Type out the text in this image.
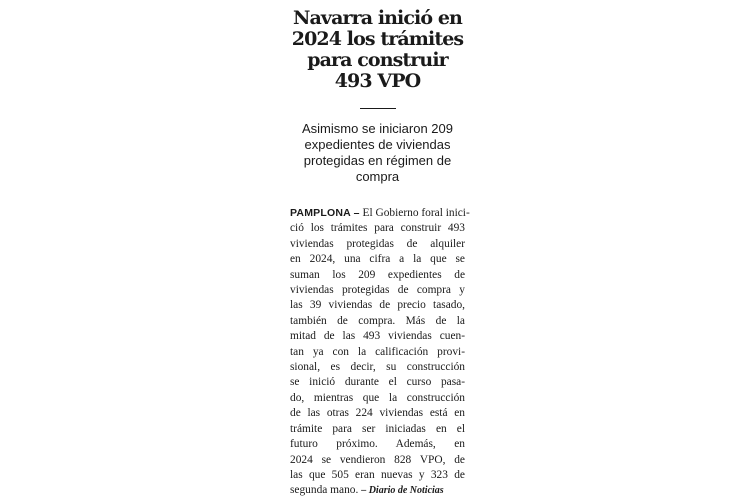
Navarra inició en
2024 los trámites
para construir
493 VPO
Asimismo se iniciaron 209
expedientes de viviendas
protegidas en régimen de
compra
PAMPLONA – El Gobierno foral inici-
ció los trámites para construir 493
viviendas protegidas de alquiler
en 2024, una cifra a la que se
suman los 209 expedientes de
viviendas protegidas de compra y
las 39 viviendas de precio tasado,
también de compra. Más de la
mitad de las 493 viviendas cuen-
tan ya con la calificación provi-
sional, es decir, su construcción
se inició durante el curso pasa-
do, mientras que la construcción
de las otras 224 viviendas está en
trámite para ser iniciadas en el
futuro próximo. Además, en
2024 se vendieron 828 VPO, de
las que 505 eran nuevas y 323 de
segunda mano. – Diario de Noticias
